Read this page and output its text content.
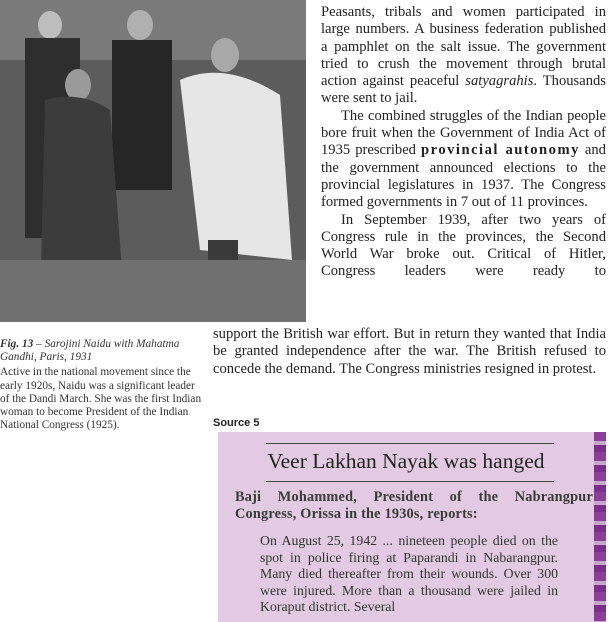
Peasants, tribals and women participated in large numbers. A business federation published a pamphlet on the salt issue. The government tried to crush the movement through brutal action against peaceful satyagrahis. Thousands were sent to jail.

The combined struggles of the Indian people bore fruit when the Government of India Act of 1935 prescribed provincial autonomy and the government announced elections to the provincial legislatures in 1937. The Congress formed governments in 7 out of 11 provinces.

In September 1939, after two years of Congress rule in the provinces, the Second World War broke out. Critical of Hitler, Congress leaders were ready to

support the British war effort. But in return they wanted that India be granted independence after the war. The British refused to concede the demand. The Congress ministries resigned in protest.

Fig. 13 – Sarojini Naidu with Mahatma Gandhi, Paris, 1931

Active in the national movement since the early 1920s, Naidu was a significant leader of the Dandi March. She was the first Indian woman to become President of the Indian National Congress (1925).	Source 5
Veer Lakhan Nayak was hanged

Baji Mohammed, President of the Nabrangpur Congress, Orissa in the 1930s, reports:

On August 25, 1942 ... nineteen people died on the spot in police firing at Paparandi in Nabarangpur. Many died thereafter from their wounds. Over 300 were injured. More than a thousand were jailed in Koraput district. Several
